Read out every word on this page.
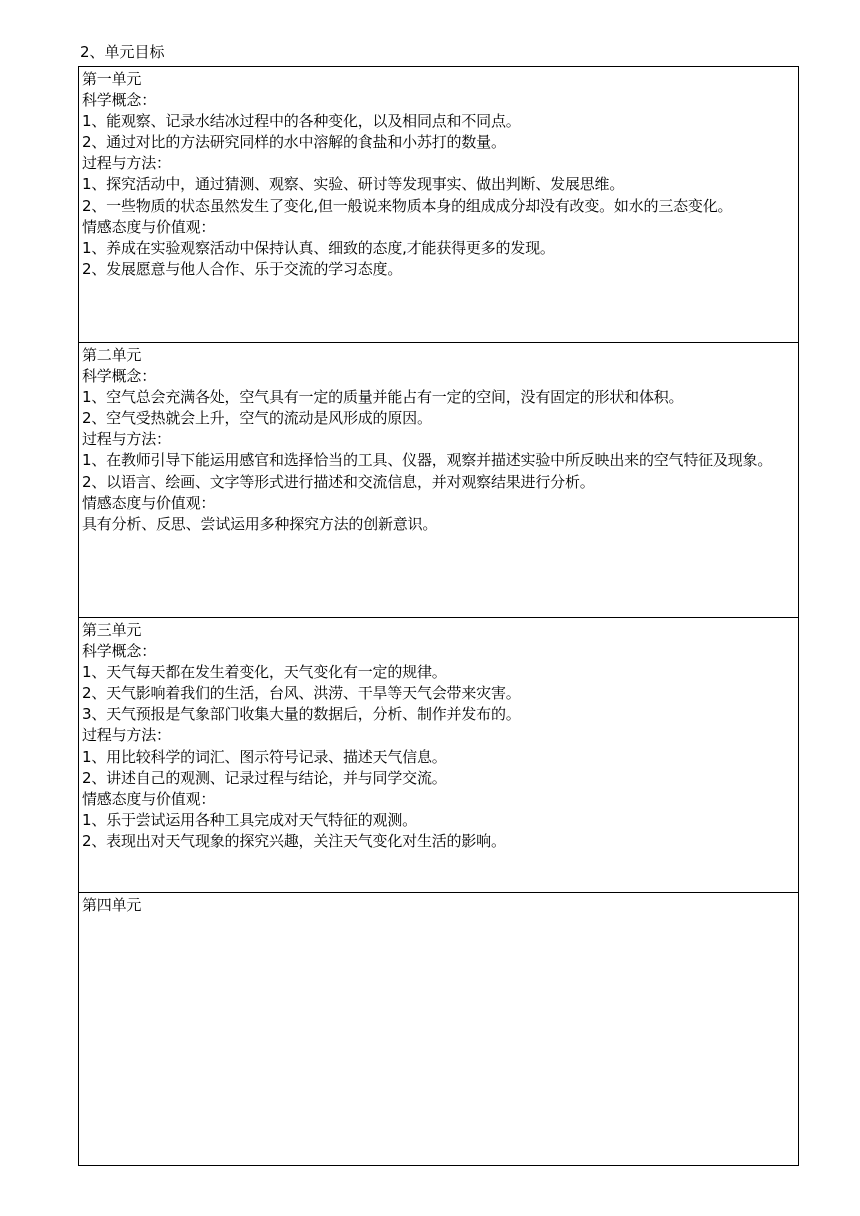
2、单元目标
第一单元
科学概念：
1、能观察、记录水结冰过程中的各种变化，以及相同点和不同点。
2、通过对比的方法研究同样的水中溶解的食盐和小苏打的数量。
过程与方法：
1、探究活动中，通过猜测、观察、实验、研讨等发现事实、做出判断、发展思维。
2、一些物质的状态虽然发生了变化,但一般说来物质本身的组成成分却没有改变。如水的三态变化。
情感态度与价值观：
1、养成在实验观察活动中保持认真、细致的态度,才能获得更多的发现。
2、发展愿意与他人合作、乐于交流的学习态度。
第二单元
科学概念：
1、空气总会充满各处，空气具有一定的质量并能占有一定的空间，没有固定的形状和体积。
2、空气受热就会上升，空气的流动是风形成的原因。
过程与方法：
1、在教师引导下能运用感官和选择恰当的工具、仪器，观察并描述实验中所反映出来的空气特征及现象。
2、以语言、绘画、文字等形式进行描述和交流信息，并对观察结果进行分析。
情感态度与价值观：
具有分析、反思、尝试运用多种探究方法的创新意识。
第三单元
科学概念：
1、天气每天都在发生着变化，天气变化有一定的规律。
2、天气影响着我们的生活，台风、洪涝、干旱等天气会带来灾害。
3、天气预报是气象部门收集大量的数据后，分析、制作并发布的。
过程与方法：
1、用比较科学的词汇、图示符号记录、描述天气信息。
2、讲述自己的观测、记录过程与结论，并与同学交流。
情感态度与价值观：
1、乐于尝试运用各种工具完成对天气特征的观测。
2、表现出对天气现象的探究兴趣，关注天气变化对生活的影响。
第四单元
